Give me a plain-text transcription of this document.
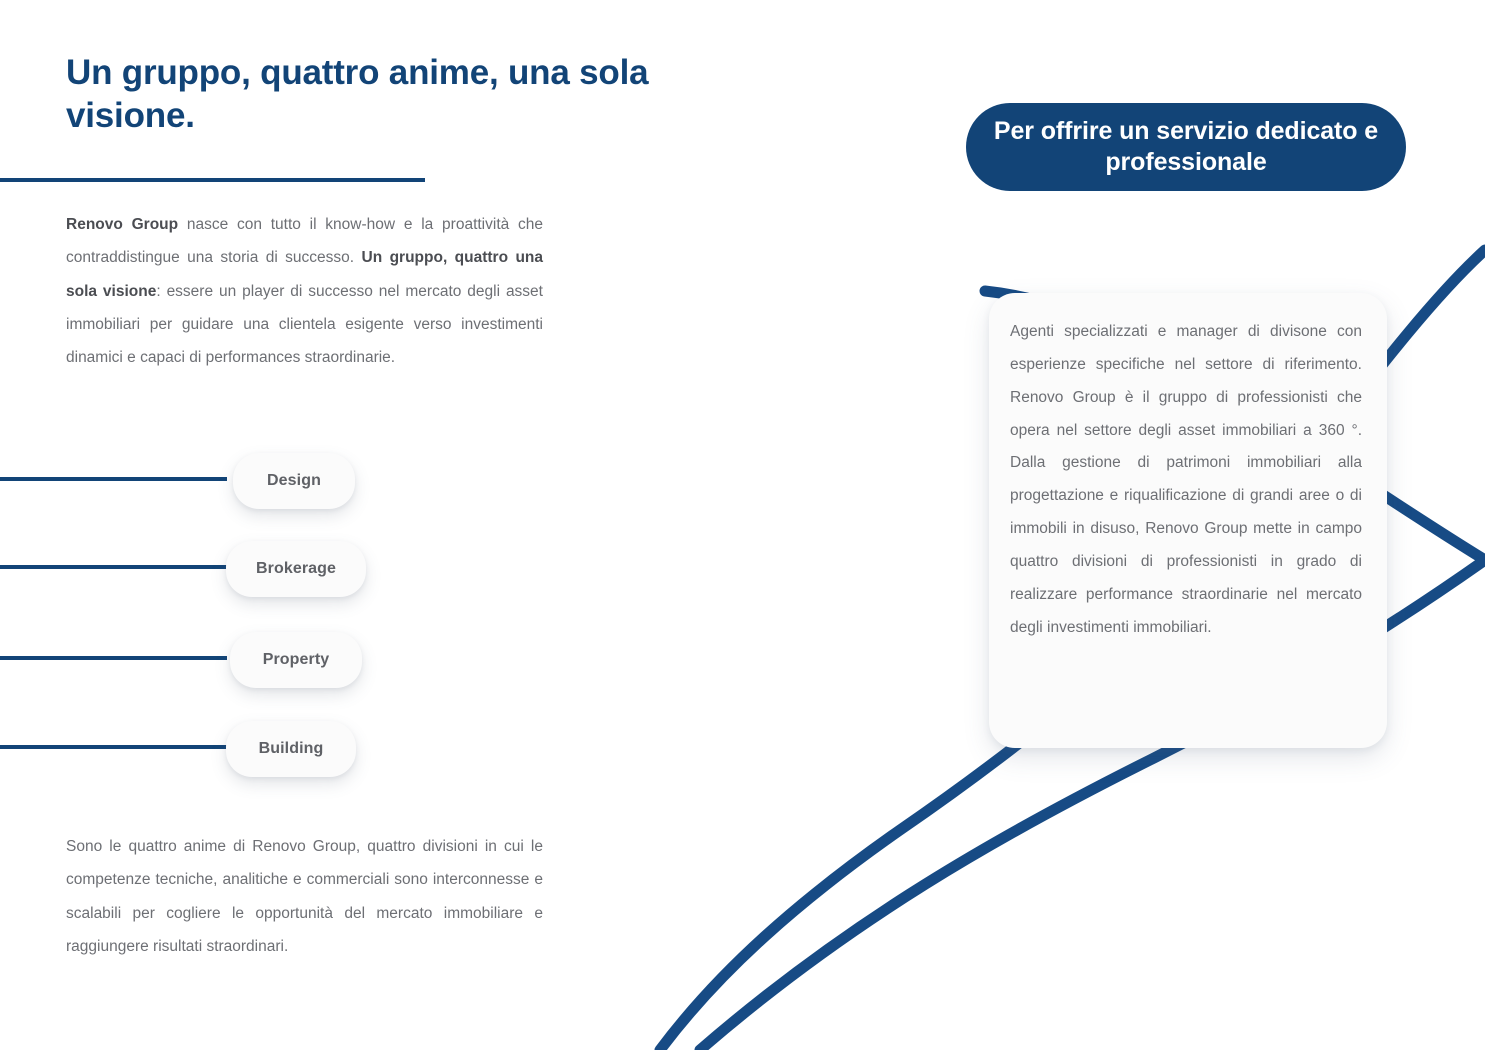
Un gruppo, quattro anime, una sola visione.
Renovo Group nasce con tutto il know-how e la proattività che contraddistingue una storia di successo. Un gruppo, quattro una sola visione: essere un player di successo nel mercato degli asset immobiliari per guidare una clientela esigente verso investimenti dinamici e capaci di performances straordinarie.
Design
Brokerage
Property
Building
Sono le quattro anime di Renovo Group, quattro divisioni in cui le competenze tecniche, analitiche e commerciali sono interconnesse e scalabili per cogliere le opportunità del mercato immobiliare e raggiungere risultati straordinari.
Per offrire un servizio dedicato e professionale
Agenti specializzati e manager di divisone con esperienze specifiche nel settore di riferimento. Renovo Group è il gruppo di professionisti che opera nel settore degli asset immobiliari a 360 °. Dalla gestione di patrimoni immobiliari alla progettazione e riqualificazione di grandi aree o di immobili in disuso, Renovo Group mette in campo quattro divisioni di professionisti in grado di realizzare performance straordinarie nel mercato degli investimenti immobiliari.
